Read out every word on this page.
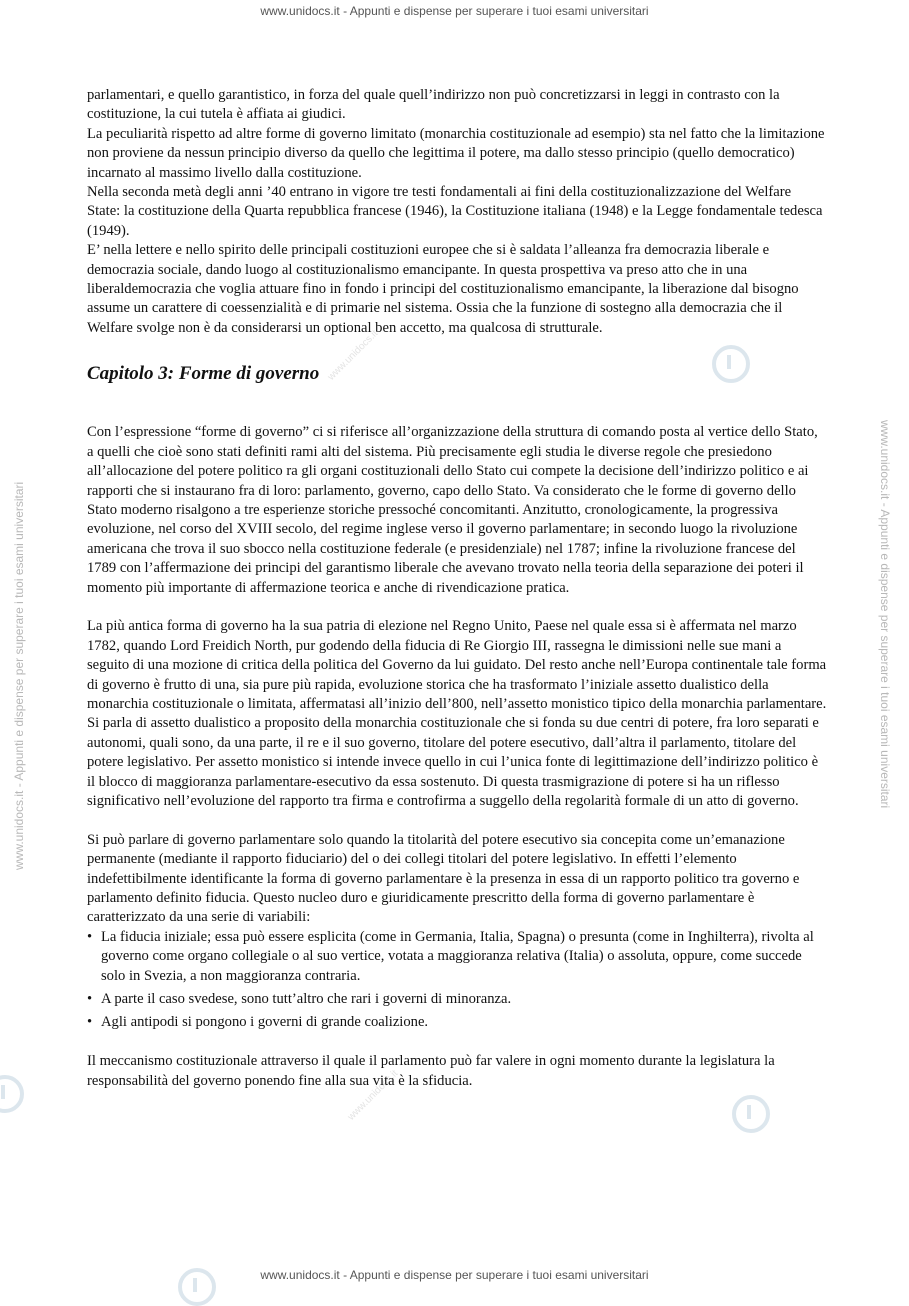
www.unidocs.it - Appunti e dispense per superare i tuoi esami universitari
www.unidocs.it - Appunti e dispense per superare i tuoi esami universitari
www.unidocs.it - Appunti e dispense per superare i tuoi esami universitari	www.unidocs.it - Appunti e dispense per superare i tuoi esami universitari
www.unidocs.it
www.unidocs.it

parlamentari, e quello garantistico, in forza del quale quell’indirizzo non può concretizzarsi in leggi in contrasto con la costituzione, la cui tutela è affiata ai giudici.

La peculiarità rispetto ad altre forme di governo limitato (monarchia costituzionale ad esempio) sta nel fatto che la limitazione non proviene da nessun principio diverso da quello che legittima il potere, ma dallo stesso principio (quello democratico) incarnato al massimo livello dalla costituzione.

Nella seconda metà degli anni ’40 entrano in vigore tre testi fondamentali ai fini della costituzionalizzazione del Welfare State: la costituzione della Quarta repubblica francese (1946), la Costituzione italiana (1948) e la Legge fondamentale tedesca (1949).

E’ nella lettere e nello spirito delle principali costituzioni europee che si è saldata l’alleanza fra democrazia liberale e democrazia sociale, dando luogo al costituzionalismo emancipante. In questa prospettiva va preso atto che in una liberaldemocrazia che voglia attuare fino in fondo i principi del costituzionalismo emancipante, la liberazione dal bisogno assume un carattere di coessenzialità e di primarie nel sistema. Ossia che la funzione di sostegno alla democrazia che il Welfare svolge non è da considerarsi un optional ben accetto, ma qualcosa di strutturale.

Capitolo 3: Forme di governo

Con l’espressione “forme di governo” ci si riferisce all’organizzazione della struttura di comando posta al vertice dello Stato, a quelli che cioè sono stati definiti rami alti del sistema. Più precisamente egli studia le diverse regole che presiedono all’allocazione del potere politico ra gli organi costituzionali dello Stato cui compete la decisione dell’indirizzo politico e ai rapporti che si instaurano fra di loro: parlamento, governo, capo dello Stato. Va considerato che le forme di governo dello Stato moderno risalgono a tre esperienze storiche pressoché concomitanti. Anzitutto, cronologicamente, la progressiva evoluzione, nel corso del XVIII secolo, del regime inglese verso il governo parlamentare; in secondo luogo la rivoluzione americana che trova il suo sbocco nella costituzione federale (e presidenziale) nel 1787; infine la rivoluzione francese del 1789 con l’affermazione dei principi del garantismo liberale che avevano trovato nella teoria della separazione dei poteri il momento più importante di affermazione teorica e anche di rivendicazione pratica.

La più antica forma di governo ha la sua patria di elezione nel Regno Unito, Paese nel quale essa si è affermata nel marzo 1782, quando Lord Freidich North, pur godendo della fiducia di Re Giorgio III, rassegna le dimissioni nelle sue mani a seguito di una mozione di critica della politica del Governo da lui guidato. Del resto anche nell’Europa continentale tale forma di governo è frutto di una, sia pure più rapida, evoluzione storica che ha trasformato l’iniziale assetto dualistico della monarchia costituzionale o limitata, affermatasi all’inizio dell’800, nell’assetto monistico tipico della monarchia parlamentare. Si parla di assetto dualistico a proposito della monarchia costituzionale che si fonda su due centri di potere, fra loro separati e autonomi, quali sono, da una parte, il re e il suo governo, titolare del potere esecutivo, dall’altra il parlamento, titolare del potere legislativo. Per assetto monistico si intende invece quello in cui l’unica fonte di legittimazione dell’indirizzo politico è il blocco di maggioranza parlamentare-esecutivo da essa sostenuto. Di questa trasmigrazione di potere si ha un riflesso significativo nell’evoluzione del rapporto tra firma e controfirma a suggello della regolarità formale di un atto di governo.

Si può parlare di governo parlamentare solo quando la titolarità del potere esecutivo sia concepita come un’emanazione permanente (mediante il rapporto fiduciario) del o dei collegi titolari del potere legislativo. In effetti l’elemento indefettibilmente identificante la forma di governo parlamentare è la presenza in essa di un rapporto politico tra governo e parlamento definito fiducia. Questo nucleo duro e giuridicamente prescritto della forma di governo parlamentare è caratterizzato da una serie di variabili:

• La fiducia iniziale; essa può essere esplicita (come in Germania, Italia, Spagna) o presunta (come in Inghilterra), rivolta al governo come organo collegiale o al suo vertice, votata a maggioranza relativa (Italia) o assoluta, oppure, come succede solo in Svezia, a non maggioranza contraria.
• A parte il caso svedese, sono tutt’altro che rari i governi di minoranza.
• Agli antipodi si pongono i governi di grande coalizione.

Il meccanismo costituzionale attraverso il quale il parlamento può far valere in ogni momento durante la legislatura la responsabilità del governo ponendo fine alla sua vita è la sfiducia.
